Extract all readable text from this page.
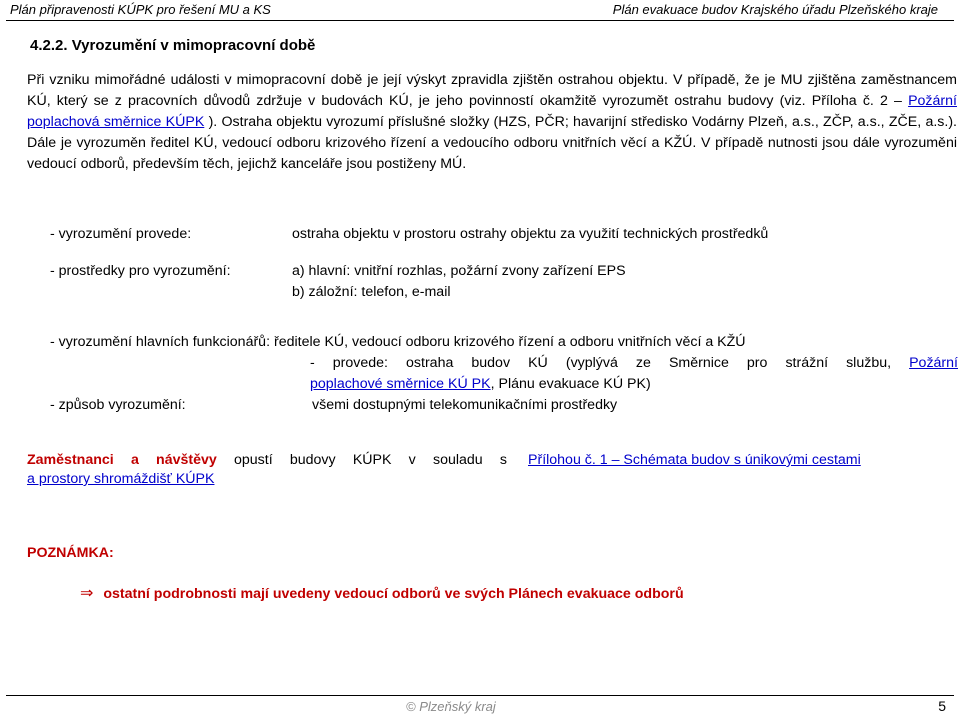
Plán připravenosti KÚPK pro řešení MU a KS	Plán evakuace budov Krajského úřadu Plzeňského kraje
4.2.2. Vyrozumění v mimopracovní době
Při vzniku mimořádné události v mimopracovní době je její výskyt zpravidla zjištěn ostrahou objektu. V případě, že je MU zjištěna zaměstnancem KÚ, který se z pracovních důvodů zdržuje v budovách KÚ, je jeho povinností okamžitě vyrozumět ostrahu budovy (viz. Příloha č. 2 – Požární poplachová směrnice KÚPK ). Ostraha objektu vyrozumí příslušné složky (HZS, PČR; havarijní středisko Vodárny Plzeň, a.s., ZČP, a.s., ZČE, a.s.). Dále je vyrozuměn ředitel KÚ, vedoucí odboru krizového řízení a vedoucího odboru vnitřních věcí a KŽÚ. V případě nutnosti jsou dále vyrozuměni vedoucí odborů, především těch, jejichž kanceláře jsou postiženy MÚ.
- vyrozumění provede:	ostraha objektu v prostoru ostrahy objektu za využití technických prostředků
- prostředky pro vyrozumění:	a) hlavní: vnitřní rozhlas, požární zvony zařízení EPS
b) záložní: telefon, e-mail
- vyrozumění hlavních funkcionářů: ředitele KÚ, vedoucí odboru krizového řízení a odboru vnitřních věcí a KŽÚ
- provede: ostraha budov KÚ (vyplývá ze Směrnice pro strážní službu, Požární
poplachové směrnice KÚ PK, Plánu evakuace KÚ PK)
- způsob vyrozumění:	všemi dostupnými telekomunikačními prostředky
Zaměstnanci a návštěvy opustí budovy KÚPK v souladu s Přílohou č. 1 – Schémata budov s únikovými cestami
a prostory shromáždišť KÚPK
POZNÁMKA:
⇒ ostatní podrobnosti mají uvedeny vedoucí odborů ve svých Plánech evakuace odborů
© Plzeňský kraj	5
